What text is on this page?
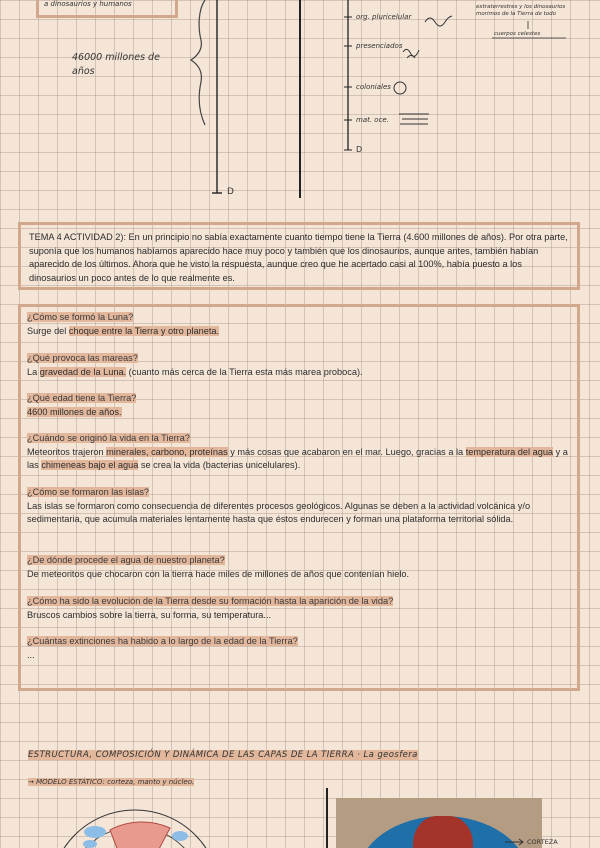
a dinosaurios y humanos
46000 millones de años
D
org. pluricelular
presenciados
coloniales
mat. oce.
D
extraterrestres y los dinosaurios
morimos de la Tierra de todo
cuerpos celestes

TEMA 4 ACTIVIDAD 2): En un principio no sabía exactamente cuanto tiempo tiene la Tierra (4.600 millones de años). Por otra parte, suponía que los humanos habíamos aparecido hace muy poco y también que los dinosaurios, aunque antes, también habían aparecido de los últimos. Ahora que he visto la respuesta, aunque creo que he acertado casi al 100%, había puesto a los dinosaurios un poco antes de lo que realmente es.

¿Cómo se formó la Luna?

Surge del choque entre la Tierra y otro planeta.

¿Qué provoca las mareas?

La gravedad de la Luna. (cuanto más cerca de la Tierra esta más marea proboca).

¿Qué edad tiene la Tierra?

4600 millones de años.

¿Cuándo se originó la vida en la Tierra?

Meteoritos trajeron minerales, carbono, proteínas y más cosas que acabaron en el mar. Luego, gracias a la temperatura del agua y a las chimeneas bajo el agua se crea la vida (bacterias unicelulares).

¿Cómo se formaron las islas?

Las islas se formaron como consecuencia de diferentes procesos geológicos. Algunas se deben a la actividad volcánica y/o sedimentaria, que acumula materiales lentamente hasta que éstos endurecen y forman una plataforma territorial sólida.

¿De dónde procede el agua de nuestro planeta?

De meteoritos que chocaron con la tierra hace miles de millones de años que contenían hielo.

¿Cómo ha sido la evolución de la Tierra desde su formación hasta la aparición de la vida?

Bruscos cambios sobre la tierra, su forma, su temperatura...

¿Cuántas extinciones ha habido a lo largo de la edad de la Tierra?

...

ESTRUCTURA, COMPOSICIÓN Y DINÁMICA DE LAS CAPAS DE LA TIERRA · La geosfera
→ MODELO ESTÁTICO: corteza, manto y núcleo.
CORTEZA
